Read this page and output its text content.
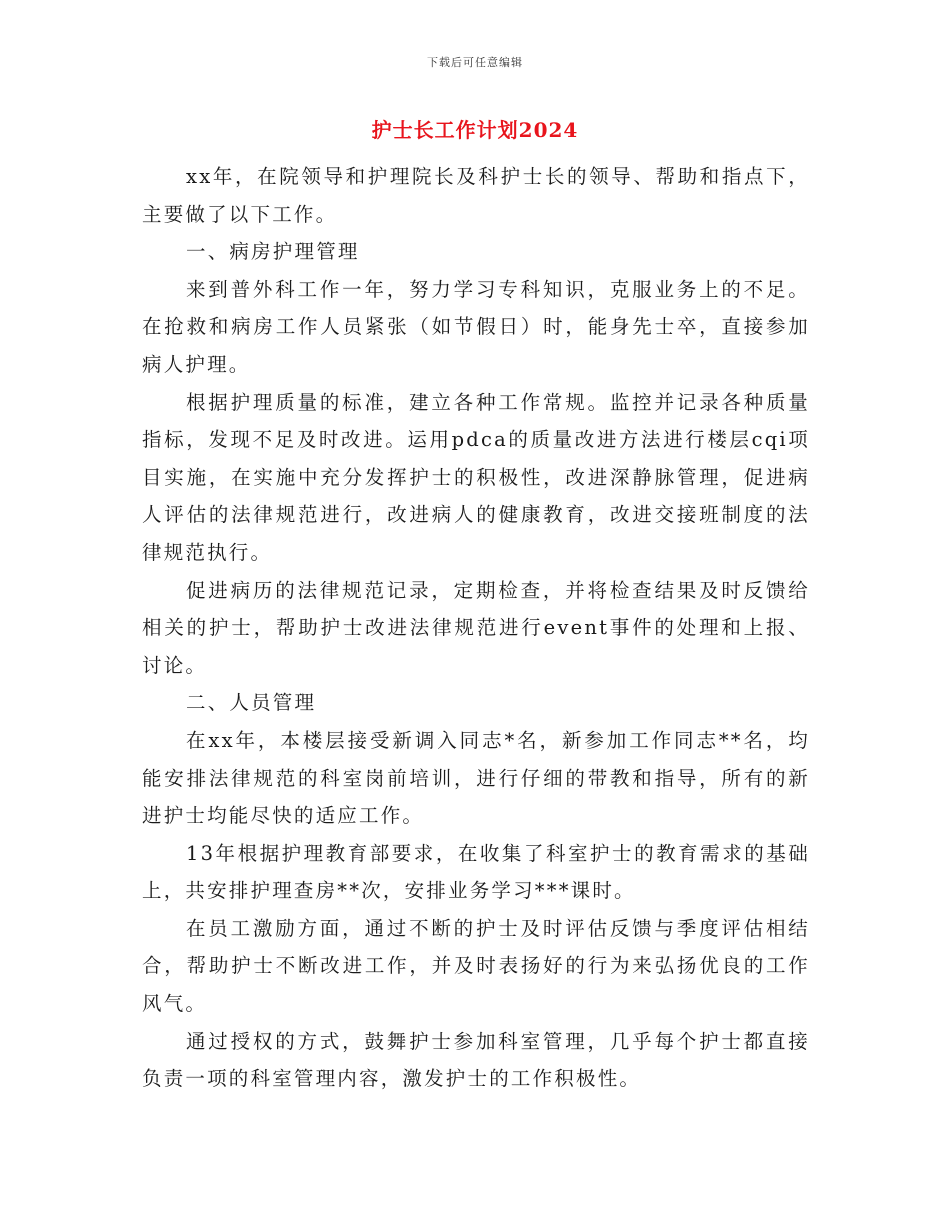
下载后可任意编辑
护士长工作计划2024

xx年，在院领导和护理院长及科护士长的领导、帮助和指点下，主要做了以下工作。

一、病房护理管理

来到普外科工作一年，努力学习专科知识，克服业务上的不足。在抢救和病房工作人员紧张（如节假日）时，能身先士卒，直接参加病人护理。

根据护理质量的标准，建立各种工作常规。监控并记录各种质量指标，发现不足及时改进。运用pdca的质量改进方法进行楼层cqi项目实施，在实施中充分发挥护士的积极性，改进深静脉管理，促进病人评估的法律规范进行，改进病人的健康教育，改进交接班制度的法律规范执行。

促进病历的法律规范记录，定期检查，并将检查结果及时反馈给相关的护士，帮助护士改进法律规范进行event事件的处理和上报、讨论。

二、人员管理

在xx年，本楼层接受新调入同志*名，新参加工作同志**名，均能安排法律规范的科室岗前培训，进行仔细的带教和指导，所有的新进护士均能尽快的适应工作。

13年根据护理教育部要求，在收集了科室护士的教育需求的基础上，共安排护理查房**次，安排业务学习***课时。

在员工激励方面，通过不断的护士及时评估反馈与季度评估相结合，帮助护士不断改进工作，并及时表扬好的行为来弘扬优良的工作风气。

通过授权的方式，鼓舞护士参加科室管理，几乎每个护士都直接负责一项的科室管理内容，激发护士的工作积极性。
